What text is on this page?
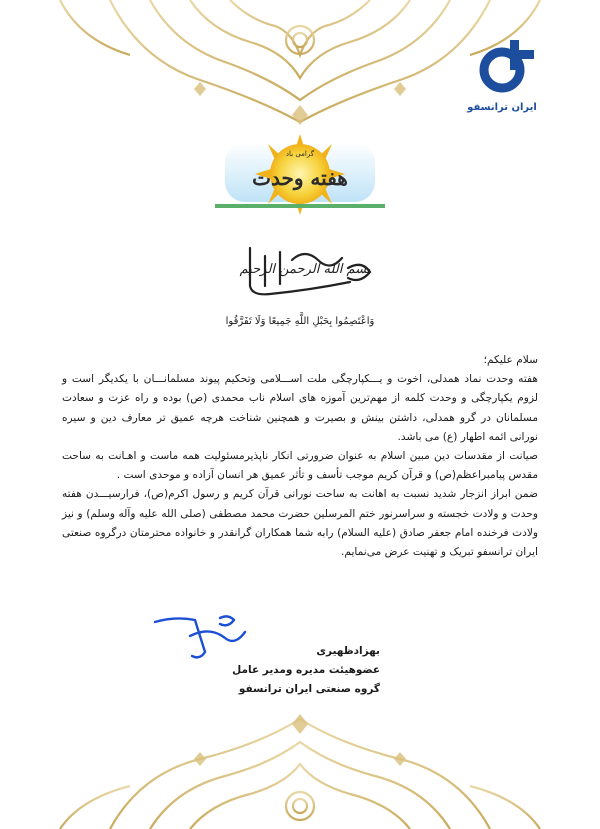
ایران ترانسفو
هفته وحدت
گرامی باد
بسم الله الرحمن الرحیم
وَاعْتَصِمُوا بِحَبْلِ اللَّهِ جَمِيعًا وَلَا تَفَرَّقُوا

سلام علیکم؛

هفته وحدت نماد همدلی، اخوت و یـــکپارچگی ملت اســـلامی وتحکیم پیوند مسلمانـــان با یکدیگر است و لزوم یکپارچگی و وحدت کلمه از مهم‌ترین آموزه های اسلام ناب محمدی (ص) بوده و راه عزت و سعادت مسلمانان در گرو همدلی، داشتن بینش و بصیرت و همچنین شناخت هرچه عمیق تر معارف دین و سیره نورانی ائمه اطهار (ع) می باشد.

صیانت از مقدسات دین مبین اسلام به عنوان ضرورتی انکار ناپذیرمسئولیت همه ماست و اهـانت به ساحت مقدس پیامبراعظم(ص) و قرآن کریم موجب تأسف و تأثر عمیق هر انسان آزاده و موحدی است .

ضمن ابراز انزجار شدید نسبت به اهانت به ساحت نورانی قرآن کریم و رسول اکرم(ص)، فرارسیـــدن هفته وحدت و ولادت خجسته و سراسرنور ختم المرسلین حضرت محمد مصطفی (صلی الله علیه وآله وسلم) و نیز ولادت فرخنده امام جعفر صادق (علیه السلام) رابه شما همکاران گرانقدر و خانواده محترمتان درگروه صنعتی ایران ترانسفو تبریک و تهنیت عرض می‌نمایم.

بهزادظهیری
عضوهیئت مدیره ومدیر عامل
گروه صنعتی ایران ترانسفو
